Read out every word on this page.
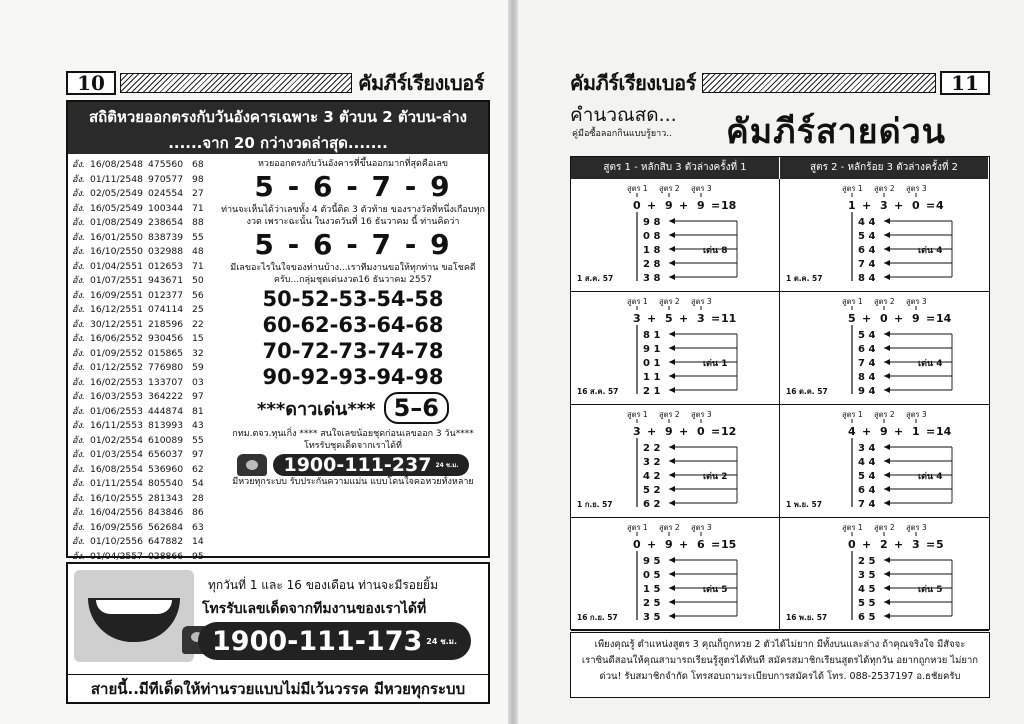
10	คัมภีร์เรียงเบอร์
สถิติหวยออกตรงกับวันอังคารเฉพาะ 3 ตัวบน 2 ตัวบน-ล่าง
......จาก 20 กว่างวดล่าสุด.......
อัง. 16/08/2548 475560 68
อัง. 01/11/2548 970577 98
อัง. 02/05/2549 024554 27
อัง. 16/05/2549 100344 71
อัง. 01/08/2549 238654 88
อัง. 16/01/2550 838739 55
อัง. 16/10/2550 032988 48
อัง. 01/04/2551 012653 71
อัง. 01/07/2551 943671 50
อัง. 16/09/2551 012377 56
อัง. 16/12/2551 074114 25
อัง. 30/12/2551 218596 22
อัง. 16/06/2552 930456 15
อัง. 01/09/2552 015865 32
อัง. 01/12/2552 776980 59
อัง. 16/02/2553 133707 03
อัง. 16/03/2553 364222 97
อัง. 01/06/2553 444874 81
อัง. 16/11/2553 813993 43
อัง. 01/02/2554 610089 55
อัง. 01/03/2554 656037 97
อัง. 16/08/2554 536960 62
อัง. 01/11/2554 805540 54
อัง. 16/10/2555 281343 28
อัง. 16/04/2556 843846 86
อัง. 16/09/2556 562684 63
อัง. 01/10/2556 647882 14
อัง. 01/04/2557 028866 95
หวยออกตรงกับวันอังคารที่ขึ้นออกมากที่สุดคือเลข
5 - 6 - 7 - 9
ท่านจะเห็นได้ว่าเลขทั้ง 4 ตัวนี้ติด 3 ตัวท้าย ของรางวัลที่หนึ่งเกือบทุกงวด เพราะฉะนั้น ในงวดวันที่ 16 ธันวาคม นี้ ท่านคิดว่า
5 - 6 - 7 - 9
มีเลขอะไรในใจของท่านบ้าง...เราทีมงานขอให้ทุกท่าน ขอโชคดีครับ...กลุ่มชุดเด่นงวด16 ธันวาคม 2557
50-52-53-54-58
60-62-63-64-68
70-72-73-74-78
90-92-93-94-98
***ดาวเด่น*** 5–6
กทม.ตจว.ทุนเกิ่ง **** สนใจเลขน้อยชุดก่อนเลขออก 3 วัน****
โทรรับชุดเด็ดจากเราได้ที่
1900-111-237 24 ช.ม.
มีหวยทุกระบบ รับประกันความแม่น แบบโดนใจคอหวยทั้งหลาย
ทุกวันที่ 1 และ 16 ของเดือน ท่านจะมีรอยยิ้ม
โทรรับเลขเด็ดจากทีมงานของเราได้ที่
1900-111-173 24 ช.ม.
สายนี้..มีทีเด็ดให้ท่านรวยแบบไม่มีเว้นวรรค มีหวยทุกระบบ
คัมภีร์เรียงเบอร์	11
คำนวณสด...
คู่มือซื้อลอกกินแบบรู้ยาว.. คัมภีร์สายด่วน
สูตร 1 - หลักสิบ 3 ตัวล่างครั้งที่ 1	สูตร 2 - หลักร้อย 3 ตัวล่างครั้งที่ 2
สูตร 1 สูตร 2 สูตร 3
0 + 9 + 9 = 18
9 8
0 8
1 8
2 8
3 8
เด่น 8
1 ส.ค. 57
สูตร 1 สูตร 2 สูตร 3
1 + 3 + 0 = 4
4 4
5 4
6 4
7 4
8 4
เด่น 4
1 ต.ค. 57
สูตร 1 สูตร 2 สูตร 3
3 + 5 + 3 = 11
8 1
9 1
0 1
1 1
2 1
เด่น 1
16 ส.ค. 57
สูตร 1 สูตร 2 สูตร 3
5 + 0 + 9 = 14
5 4
6 4
7 4
8 4
9 4
เด่น 4
16 ต.ค. 57
สูตร 1 สูตร 2 สูตร 3
3 + 9 + 0 = 12
2 2
3 2
4 2
5 2
6 2
เด่น 2
1 ก.ย. 57
สูตร 1 สูตร 2 สูตร 3
4 + 9 + 1 = 14
3 4
4 4
5 4
6 4
7 4
เด่น 4
1 พ.ย. 57
สูตร 1 สูตร 2 สูตร 3
0 + 9 + 6 = 15
9 5
0 5
1 5
2 5
3 5
เด่น 5
16 ก.ย. 57
สูตร 1 สูตร 2 สูตร 3
0 + 2 + 3 = 5
2 5
3 5
4 5
5 5
6 5
เด่น 5
16 พ.ย. 57
เพียงคุณรู้ ตำแหน่งสูตร 3 คุณก็ถูกหวย 2 ตัวได้ไม่ยาก มีทั้งบนและล่าง ถ้าคุณจริงใจ มีสัจจะ
เราซินดีสอนให้คุณสามารถเรียนรู้สูตรได้ทันที สมัครสมาชิกเรียนสูตรได้ทุกวัน อยากถูกหวย ไม่ยาก
ด่วน! รับสมาชิกจำกัด โทรสอบถามระเบียบการสมัครได้ โทร. 088-2537197 อ.ธชัยครับ
